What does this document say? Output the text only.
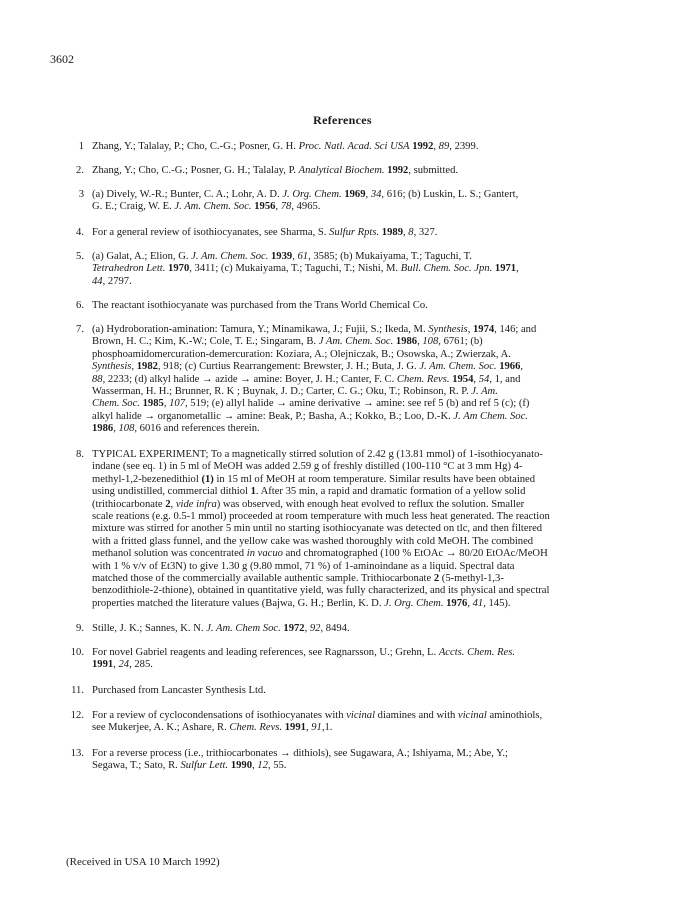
3602
References
1 Zhang, Y.; Talalay, P.; Cho, C.-G.; Posner, G. H. Proc. Natl. Acad. Sci USA 1992, 89, 2399.
2. Zhang, Y.; Cho, C.-G.; Posner, G. H.; Talalay, P. Analytical Biochem. 1992, submitted.
3 (a) Dively, W.-R.; Bunter, C. A.; Lohr, A. D. J. Org. Chem. 1969, 34, 616; (b) Luskin, L. S.; Gantert,
G. E.; Craig, W. E. J. Am. Chem. Soc. 1956, 78, 4965.
4. For a general review of isothiocyanates, see Sharma, S. Sulfur Rpts. 1989, 8, 327.
5. (a) Galat, A.; Elion, G. J. Am. Chem. Soc. 1939, 61, 3585; (b) Mukaiyama, T.; Taguchi, T.
Tetrahedron Lett. 1970, 3411; (c) Mukaiyama, T.; Taguchi, T.; Nishi, M. Bull. Chem. Soc. Jpn. 1971,
44, 2797.
6. The reactant isothiocyanate was purchased from the Trans World Chemical Co.
7. (a) Hydroboration-amination: Tamura, Y.; Minamikawa, J.; Fujii, S.; Ikeda, M. Synthesis, 1974, 146; and
Brown, H. C.; Kim, K.-W.; Cole, T. E.; Singaram, B. J Am. Chem. Soc. 1986, 108, 6761; (b)
phosphoamidomercuration-demercuration: Koziara, A.; Olejniczak, B.; Osowska, A.; Zwierzak, A.
Synthesis, 1982, 918; (c) Curtius Rearrangement: Brewster, J. H.; Buta, J. G. J. Am. Chem. Soc. 1966,
88, 2233; (d) alkyl halide → azide → amine: Boyer, J. H.; Canter, F. C. Chem. Revs. 1954, 54, 1, and
Wasserman, H. H.; Brunner, R. K ; Buynak, J. D.; Carter, C. G.; Oku, T.; Robinson, R. P. J. Am.
Chem. Soc. 1985, 107, 519; (e) allyl halide → amine derivative → amine: see ref 5 (b) and ref 5 (c); (f)
alkyl halide → organometallic → amine: Beak, P.; Basha, A.; Kokko, B.; Loo, D.-K. J. Am Chem. Soc.
1986, 108, 6016 and references therein.
8. TYPICAL EXPERIMENT; To a magnetically stirred solution of 2.42 g (13.81 mmol) of 1-isothiocyanato-
indane (see eq. 1) in 5 ml of MeOH was added 2.59 g of freshly distilled (100-110 °C at 3 mm Hg) 4-
methyl-1,2-bezenedithiol (1) in 15 ml of MeOH at room temperature. Similar results have been obtained
using undistilled, commercial dithiol 1. After 35 min, a rapid and dramatic formation of a yellow solid
(trithiocarbonate 2, vide infra) was observed, with enough heat evolved to reflux the solution. Smaller
scale reations (e.g. 0.5-1 mmol) proceeded at room temperature with much less heat generated. The reaction
mixture was stirred for another 5 min until no starting isothiocyanate was detected on tlc, and then filtered
with a fritted glass funnel, and the yellow cake was washed thoroughly with cold MeOH. The combined
methanol solution was concentrated in vacuo and chromatographed (100 % EtOAc → 80/20 EtOAc/MeOH
with 1 % v/v of Et3N) to give 1.30 g (9.80 mmol, 71 %) of 1-aminoindane as a liquid. Spectral data
matched those of the commercially available authentic sample. Trithiocarbonate 2 (5-methyl-1,3-
benzodithiole-2-thione), obtained in quantitative yield, was fully characterized, and its physical and spectral
properties matched the literature values (Bajwa, G. H.; Berlin, K. D. J. Org. Chem. 1976, 41, 145).
9. Stille, J. K.; Sannes, K. N. J. Am. Chem Soc. 1972, 92, 8494.
10. For novel Gabriel reagents and leading references, see Ragnarsson, U.; Grehn, L. Accts. Chem. Res.
1991, 24, 285.
11. Purchased from Lancaster Synthesis Ltd.
12. For a review of cyclocondensations of isothiocyanates with vicinal diamines and with vicinal aminothiols,
see Mukerjee, A. K.; Ashare, R. Chem. Revs. 1991, 91,1.
13. For a reverse process (i.e., trithiocarbonates → dithiols), see Sugawara, A.; Ishiyama, M.; Abe, Y.;
Segawa, T.; Sato, R. Sulfur Lett. 1990, 12, 55.
(Received in USA 10 March 1992)
